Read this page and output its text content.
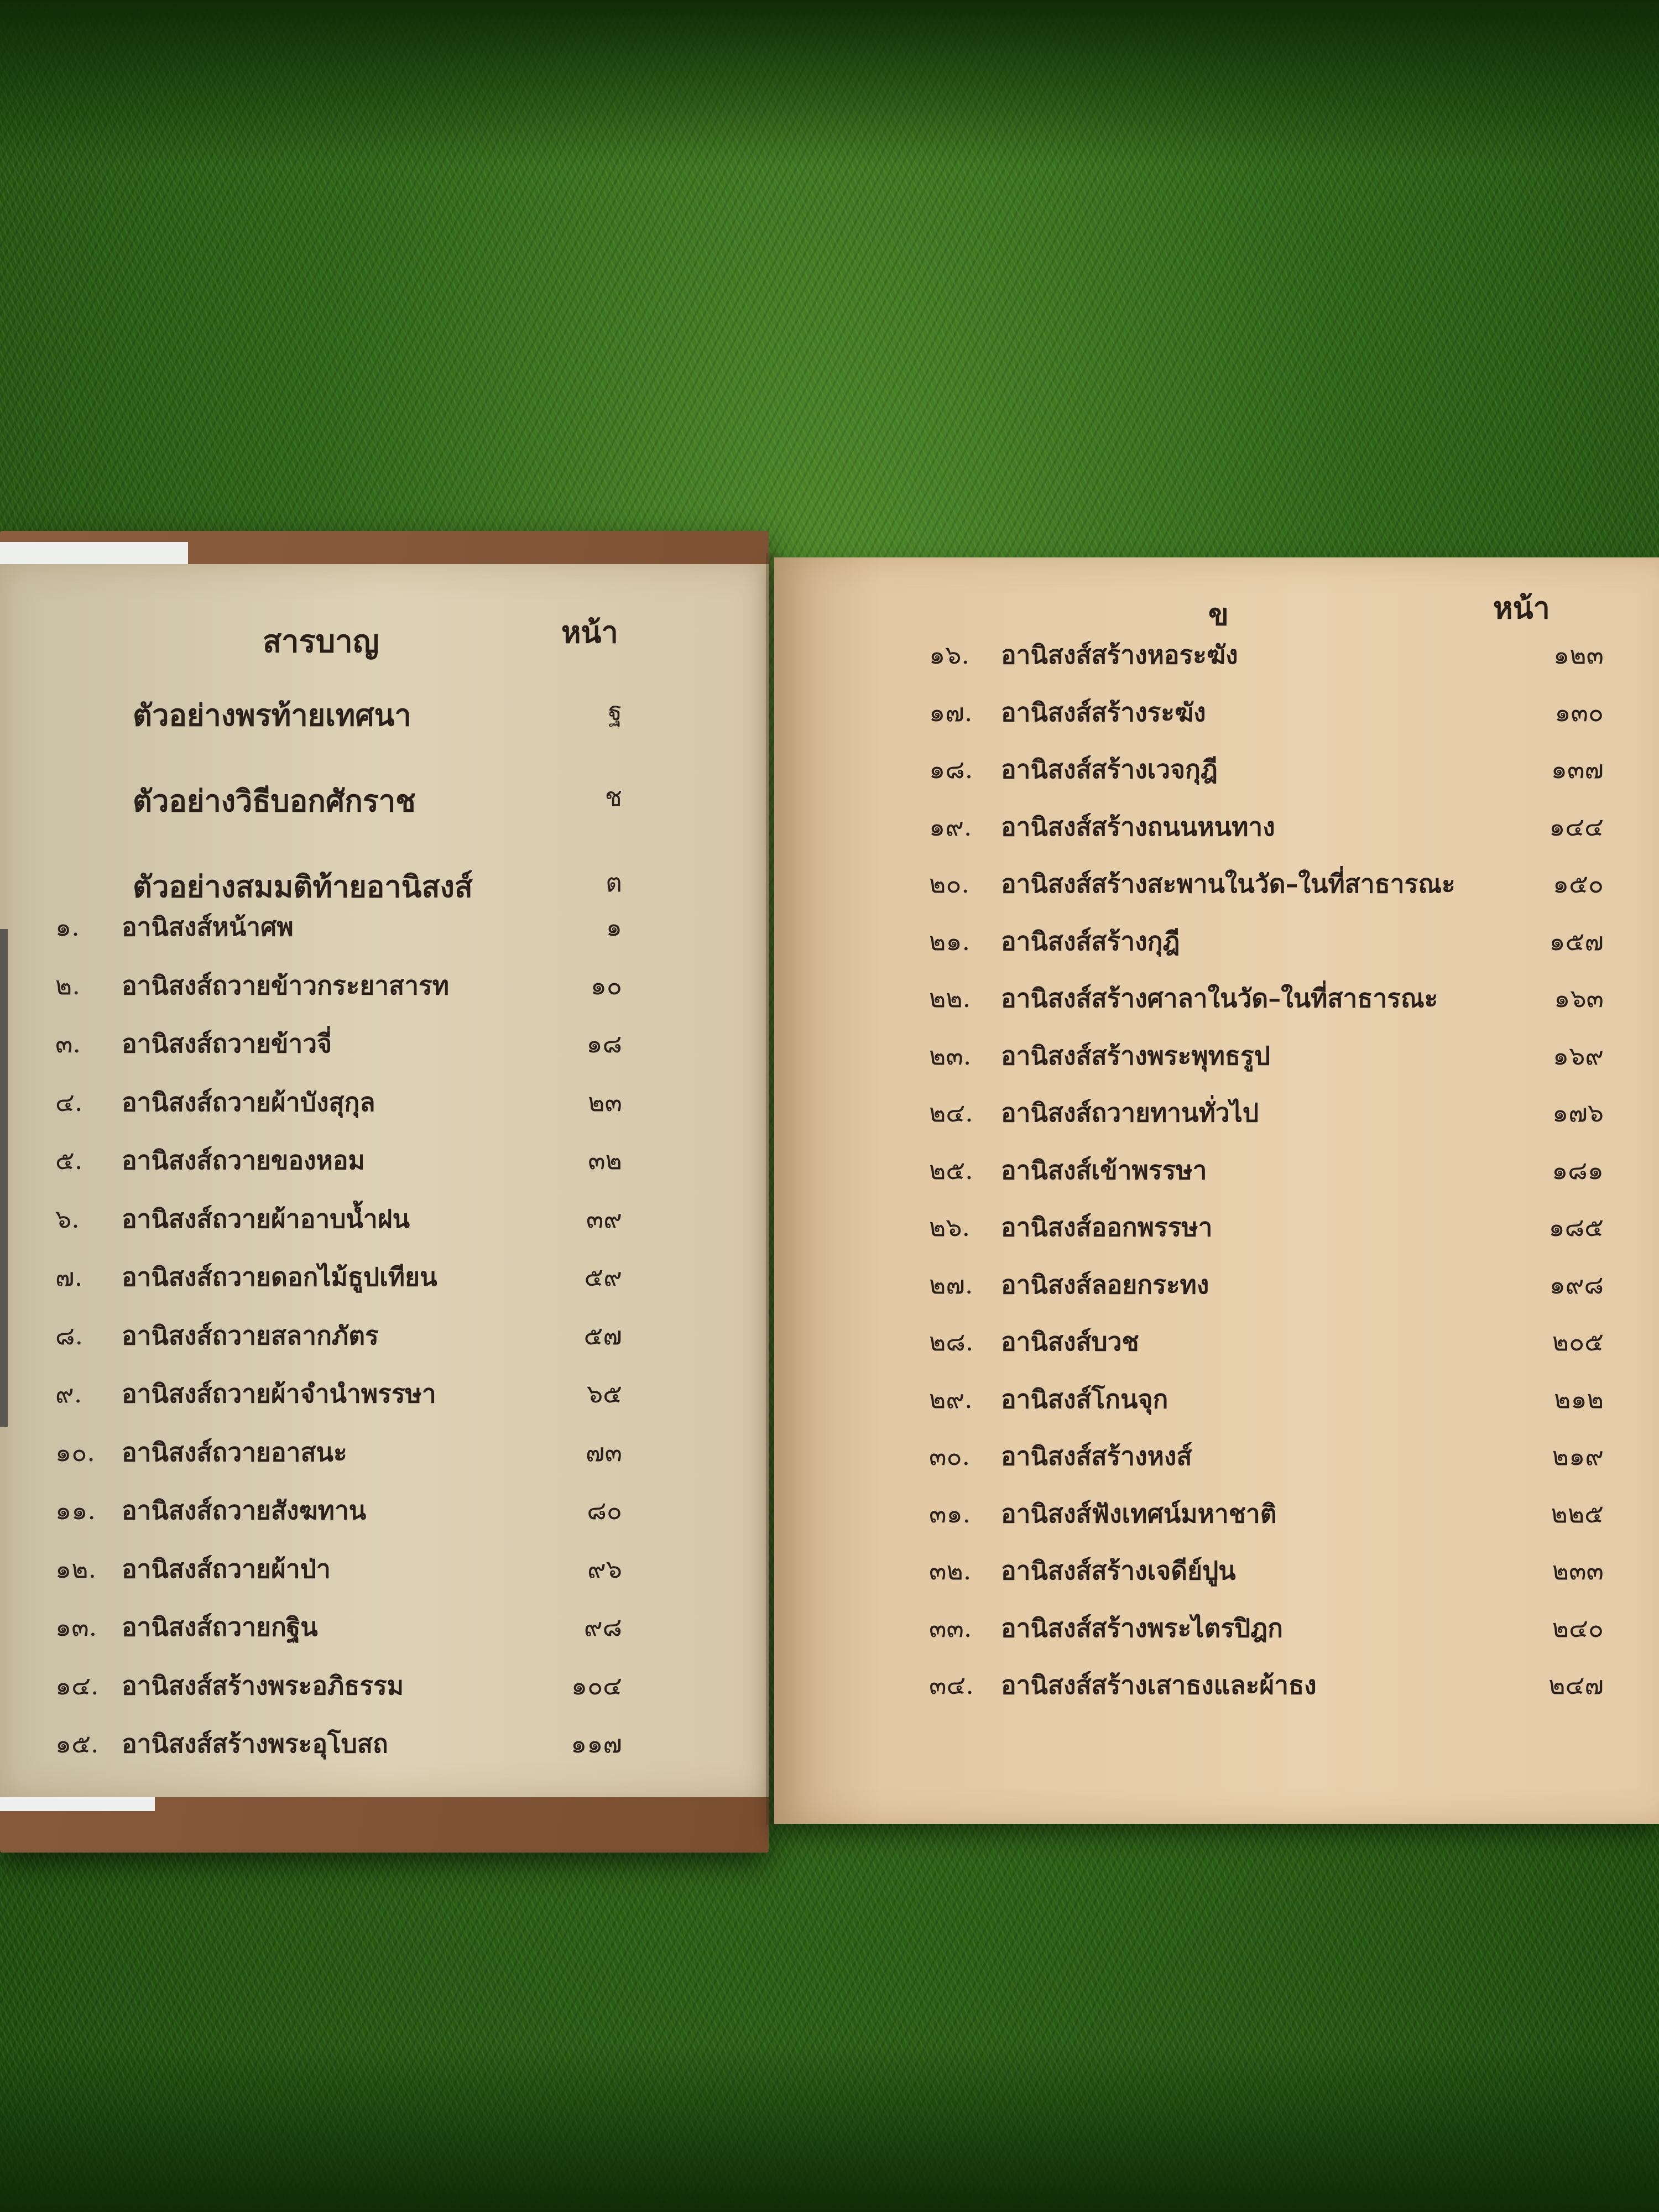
สารบาญ	หน้า
ตัวอย่างพรท้ายเทศนา	ฐ
ตัวอย่างวิธีบอกศักราช	ช
ตัวอย่างสมมติท้ายอานิสงส์	ต
๑. อานิสงส์หน้าศพ	๑
๒. อานิสงส์ถวายข้าวกระยาสารท	๑๐
๓. อานิสงส์ถวายข้าวจี่	๑๘
๔. อานิสงส์ถวายผ้าบังสุกุล	๒๓
๕. อานิสงส์ถวายของหอม	๓๒
๖. อานิสงส์ถวายผ้าอาบน้ำฝน	๓๙
๗. อานิสงส์ถวายดอกไม้ธูปเทียน	๕๙
๘. อานิสงส์ถวายสลากภัตร	๕๗
๙. อานิสงส์ถวายผ้าจำนำพรรษา	๖๕
๑๐. อานิสงส์ถวายอาสนะ	๗๓
๑๑. อานิสงส์ถวายสังฆทาน	๘๐
๑๒. อานิสงส์ถวายผ้าป่า	๙๖
๑๓. อานิสงส์ถวายกฐิน	๙๘
๑๔. อานิสงส์สร้างพระอภิธรรม	๑๐๔
๑๕. อานิสงส์สร้างพระอุโบสถ	๑๑๗
ข	หน้า
๑๖. อานิสงส์สร้างหอระฆัง	๑๒๓
๑๗. อานิสงส์สร้างระฆัง	๑๓๐
๑๘. อานิสงส์สร้างเวจกุฎี	๑๓๗
๑๙. อานิสงส์สร้างถนนหนทาง	๑๔๔
๒๐. อานิสงส์สร้างสะพานในวัด–ในที่สาธารณะ	๑๕๐
๒๑. อานิสงส์สร้างกุฎี	๑๕๗
๒๒. อานิสงส์สร้างศาลาในวัด–ในที่สาธารณะ	๑๖๓
๒๓. อานิสงส์สร้างพระพุทธรูป	๑๖๙
๒๔. อานิสงส์ถวายทานทั่วไป	๑๗๖
๒๕. อานิสงส์เข้าพรรษา	๑๘๑
๒๖. อานิสงส์ออกพรรษา	๑๘๕
๒๗. อานิสงส์ลอยกระทง	๑๙๘
๒๘. อานิสงส์บวช	๒๐๕
๒๙. อานิสงส์โกนจุก	๒๑๒
๓๐. อานิสงส์สร้างหงส์	๒๑๙
๓๑. อานิสงส์ฟังเทศน์มหาชาติ	๒๒๕
๓๒. อานิสงส์สร้างเจดีย์ปูน	๒๓๓
๓๓. อานิสงส์สร้างพระไตรปิฎก	๒๔๐
๓๔. อานิสงส์สร้างเสาธงและผ้าธง	๒๔๗
